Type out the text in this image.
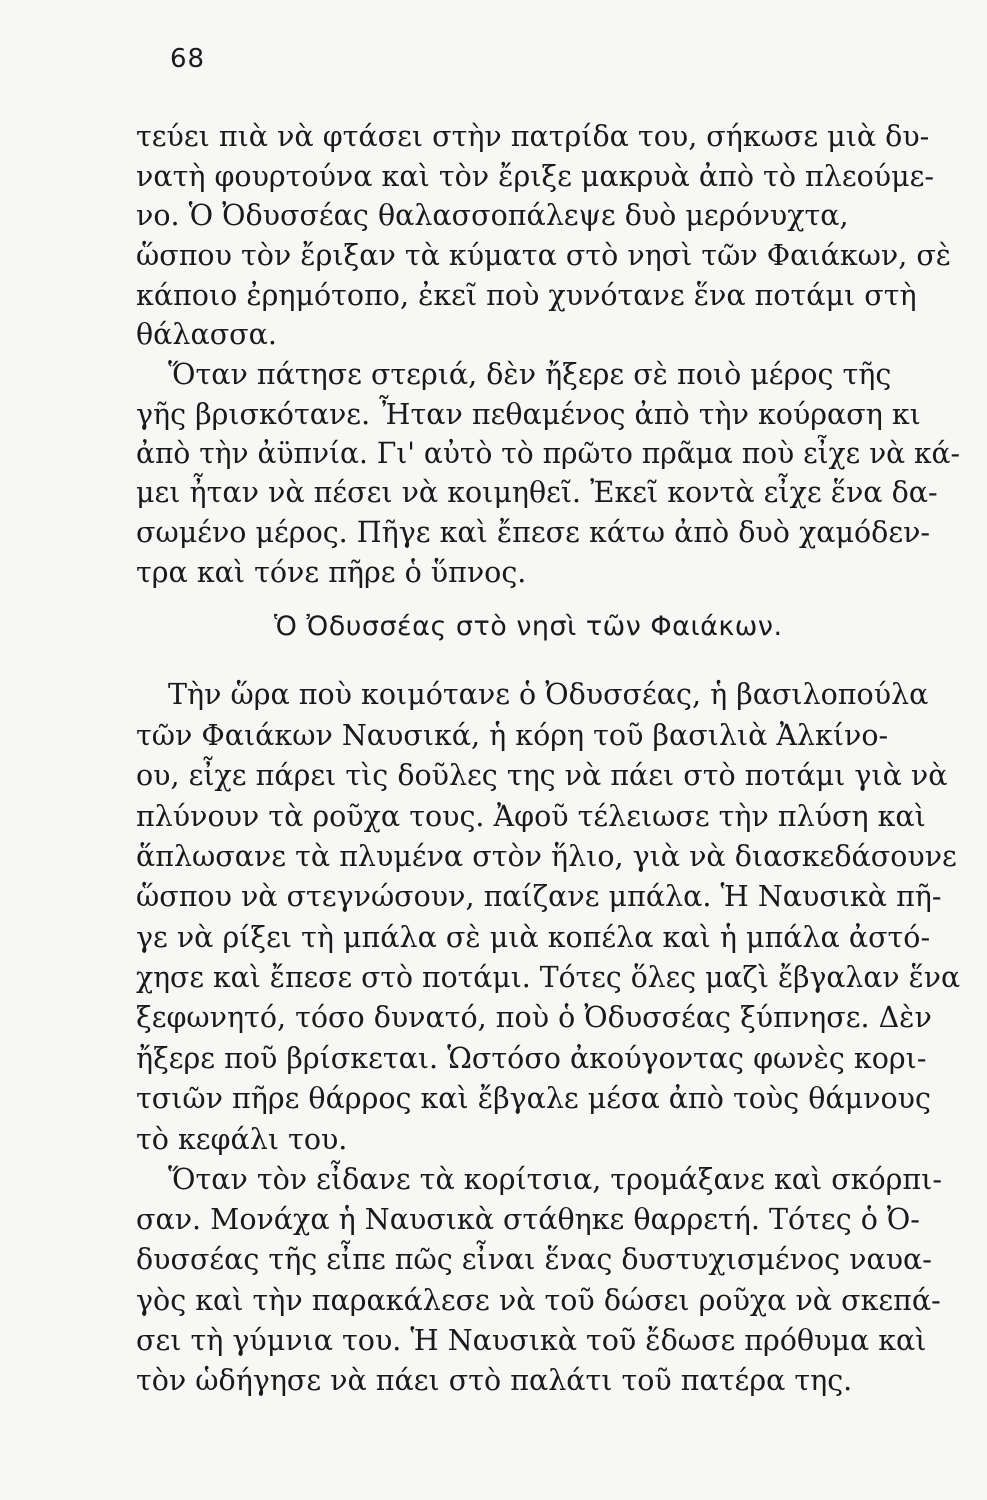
68
τεύει πιὰ νὰ φτάσει στὴν πατρίδα του, σήκωσε μιὰ δυ-
νατὴ φουρτούνα καὶ τὸν ἔριξε μακρυὰ ἀπὸ τὸ πλεούμε-
νο. Ὁ Ὀδυσσέας θαλασσοπάλεψε δυὸ μερόνυχτα,
ὥσπου τὸν ἔριξαν τὰ κύματα στὸ νησὶ τῶν Φαιάκων, σὲ
κάποιο ἐρημότοπο, ἐκεῖ ποὺ χυνότανε ἕνα ποτάμι στὴ
θάλασσα.
Ὅταν πάτησε στεριά, δὲν ἤξερε σὲ ποιὸ μέρος τῆς
γῆς βρισκότανε. Ἦταν πεθαμένος ἀπὸ τὴν κούραση κι
ἀπὸ τὴν ἀϋπνία. Γι' αὐτὸ τὸ πρῶτο πρᾶμα ποὺ εἶχε νὰ κά-
μει ἦταν νὰ πέσει νὰ κοιμηθεῖ. Ἐκεῖ κοντὰ εἶχε ἕνα δα-
σωμένο μέρος. Πῆγε καὶ ἔπεσε κάτω ἀπὸ δυὸ χαμόδεν-
τρα καὶ τόνε πῆρε ὁ ὕπνος.
Ὁ Ὀδυσσέας στὸ νησὶ τῶν Φαιάκων.
Τὴν ὥρα ποὺ κοιμότανε ὁ Ὀδυσσέας, ἡ βασιλοπούλα
τῶν Φαιάκων Ναυσικά, ἡ κόρη τοῦ βασιλιὰ Ἀλκίνο-
ου, εἶχε πάρει τὶς δοῦλες της νὰ πάει στὸ ποτάμι γιὰ νὰ
πλύνουν τὰ ροῦχα τους. Ἀφοῦ τέλειωσε τὴν πλύση καὶ
ἅπλωσανε τὰ πλυμένα στὸν ἥλιο, γιὰ νὰ διασκεδάσουνε
ὥσπου νὰ στεγνώσουν, παίζανε μπάλα. Ἡ Ναυσικὰ πῆ-
γε νὰ ρίξει τὴ μπάλα σὲ μιὰ κοπέλα καὶ ἡ μπάλα ἀστό-
χησε καὶ ἔπεσε στὸ ποτάμι. Τότες ὅλες μαζὶ ἔβγαλαν ἕνα
ξεφωνητό, τόσο δυνατό, ποὺ ὁ Ὀδυσσέας ξύπνησε. Δὲν
ἤξερε ποῦ βρίσκεται. Ὡστόσο ἀκούγοντας φωνὲς κορι-
τσιῶν πῆρε θάρρος καὶ ἔβγαλε μέσα ἀπὸ τοὺς θάμνους
τὸ κεφάλι του.
Ὅταν τὸν εἶδανε τὰ κορίτσια, τρομάξανε καὶ σκόρπι-
σαν. Μονάχα ἡ Ναυσικὰ στάθηκε θαρρετή. Τότες ὁ Ὀ-
δυσσέας τῆς εἶπε πῶς εἶναι ἕνας δυστυχισμένος ναυα-
γὸς καὶ τὴν παρακάλεσε νὰ τοῦ δώσει ροῦχα νὰ σκεπά-
σει τὴ γύμνια του. Ἡ Ναυσικὰ τοῦ ἔδωσε πρόθυμα καὶ
τὸν ὡδήγησε νὰ πάει στὸ παλάτι τοῦ πατέρα της.
